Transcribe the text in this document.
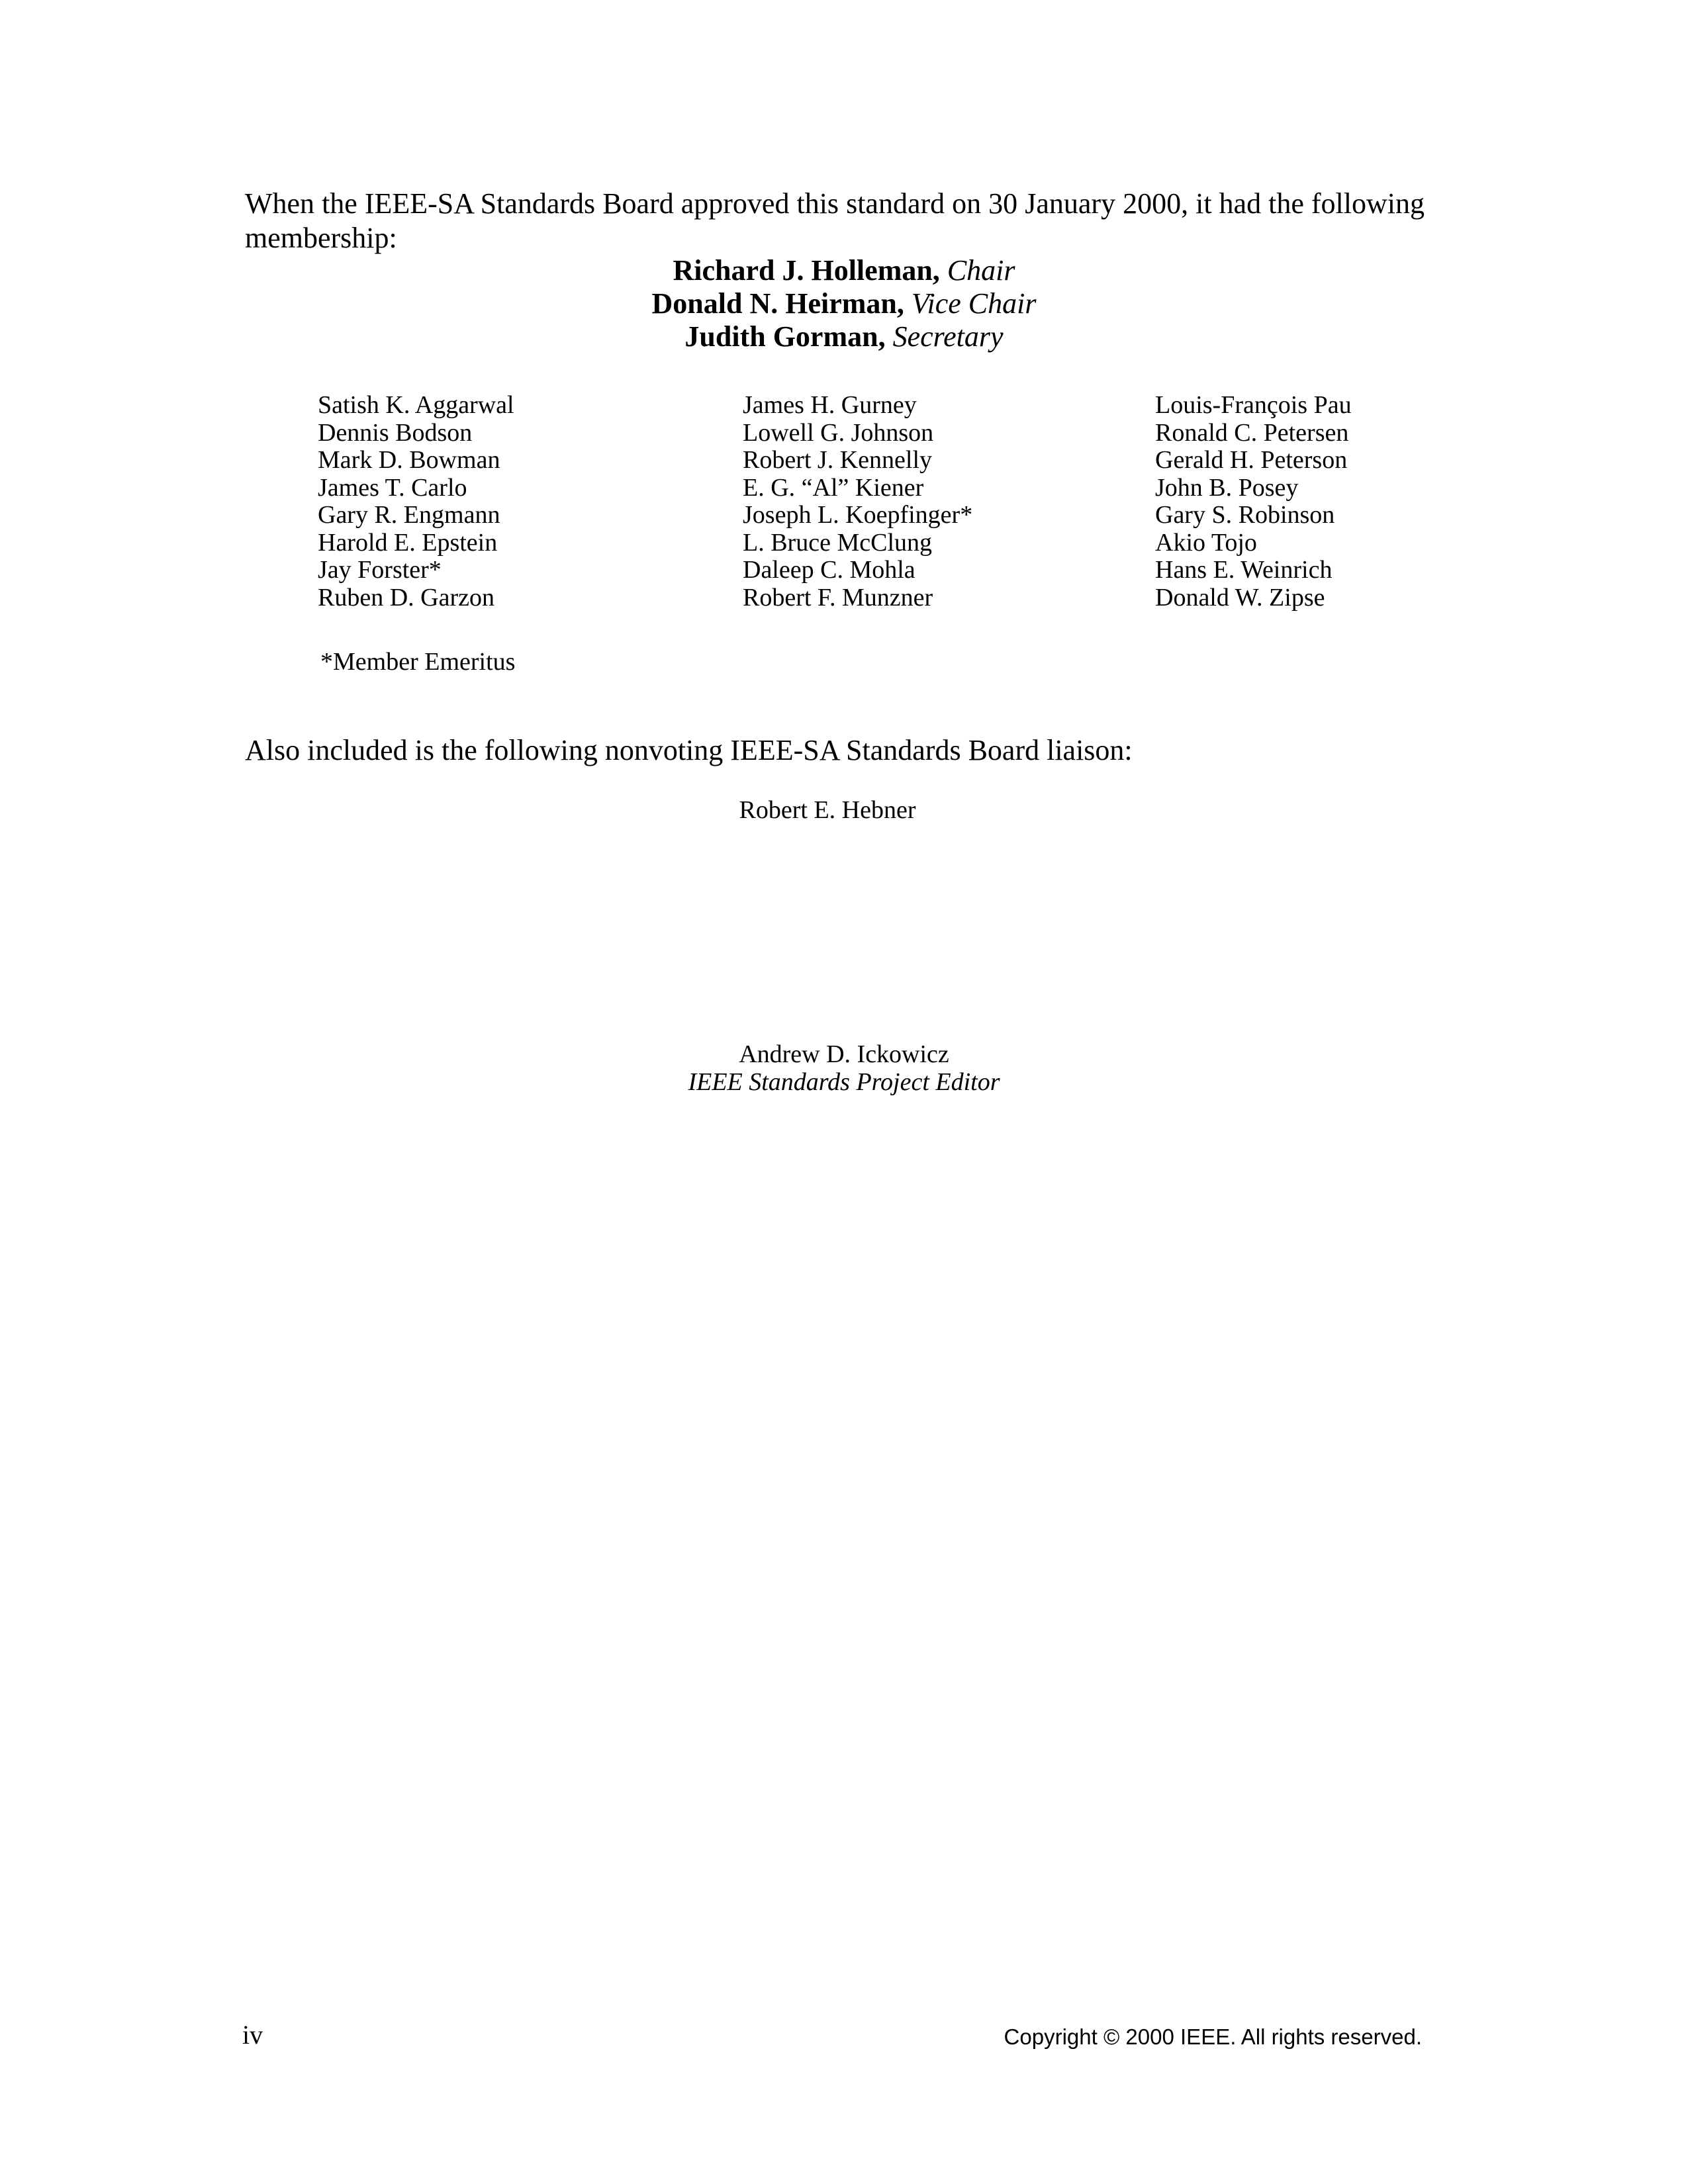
When the IEEE-SA Standards Board approved this standard on 30 January 2000, it had the following membership:

Richard J. Holleman, Chair
Donald N. Heirman, Vice Chair
Judith Gorman, Secretary
Satish K. Aggarwal
Dennis Bodson
Mark D. Bowman
James T. Carlo
Gary R. Engmann
Harold E. Epstein
Jay Forster*
Ruben D. Garzon
James H. Gurney
Lowell G. Johnson
Robert J. Kennelly
E. G. “Al” Kiener
Joseph L. Koepfinger*
L. Bruce McClung
Daleep C. Mohla
Robert F. Munzner
Louis-François Pau
Ronald C. Petersen
Gerald H. Peterson
John B. Posey
Gary S. Robinson
Akio Tojo
Hans E. Weinrich
Donald W. Zipse
*Member Emeritus
Also included is the following nonvoting IEEE-SA Standards Board liaison:
Robert E. Hebner
Andrew D. Ickowicz
IEEE Standards Project Editor
iv	Copyright © 2000 IEEE. All rights reserved.
